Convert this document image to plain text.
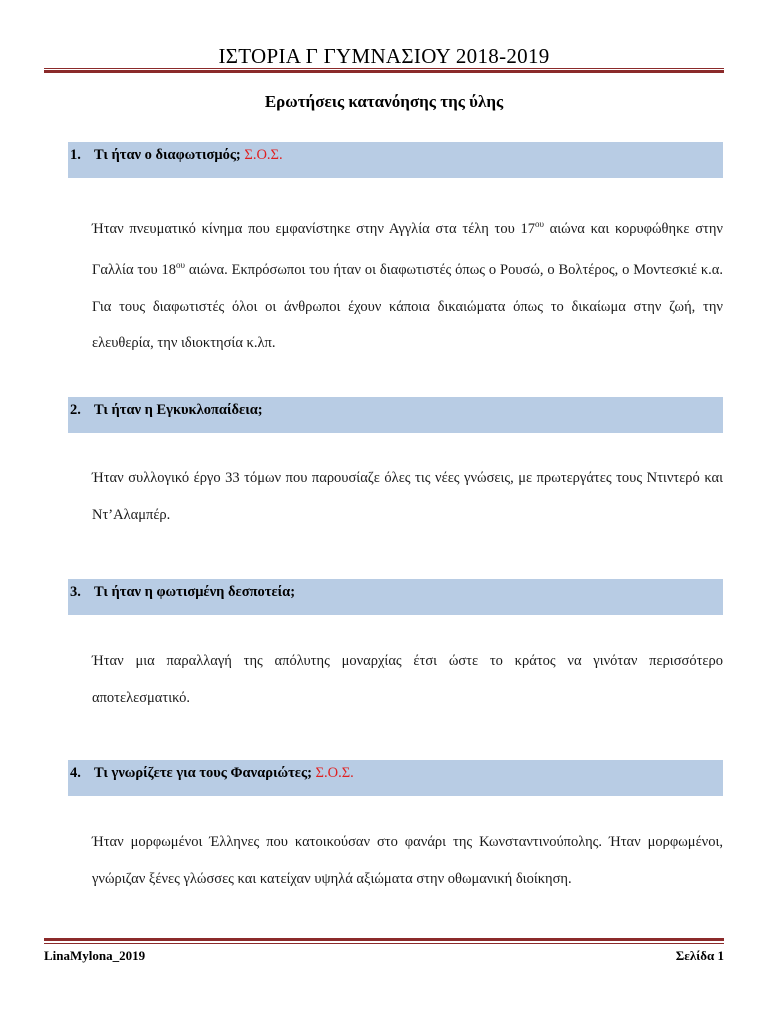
ΙΣΤΟΡΙΑ Γ ΓΥΜΝΑΣΙΟΥ 2018-2019
Ερωτήσεις κατανόησης της ύλης
1. Τι ήταν ο διαφωτισμός; Σ.Ο.Σ.
Ήταν πνευματικό κίνημα που εμφανίστηκε στην Αγγλία στα τέλη του $17^{o\upsilon}$ αιώνα και κορυφώθηκε στην Γαλλία του $18^{o\upsilon}$ αιώνα. Εκπρόσωποι του ήταν οι διαφωτιστές όπως ο Ρουσώ, ο Βολτέρος, ο Μοντεσκιέ κ.α. Για τους διαφωτιστές όλοι οι άνθρωποι έχουν κάποια δικαιώματα όπως το δικαίωμα στην ζωή, την ελευθερία, την ιδιοκτησία κ.λπ.
2. Τι ήταν η Εγκυκλοπαίδεια;
Ήταν συλλογικό έργο 33 τόμων που παρουσίαζε όλες τις νέες γνώσεις, με πρωτεργάτες τους Ντιντερό και Ντ’Αλαμπέρ.
3. Τι ήταν η φωτισμένη δεσποτεία;
Ήταν μια παραλλαγή της απόλυτης μοναρχίας έτσι ώστε το κράτος να γινόταν περισσότερο αποτελεσματικό.
4. Τι γνωρίζετε για τους Φαναριώτες; Σ.Ο.Σ.
Ήταν μορφωμένοι Έλληνες που κατοικούσαν στο φανάρι της Κωνσταντινούπολης. Ήταν μορφωμένοι, γνώριζαν ξένες γλώσσες και κατείχαν υψηλά αξιώματα στην οθωμανική διοίκηση.
LinaMylona_2019	Σελίδα 1
